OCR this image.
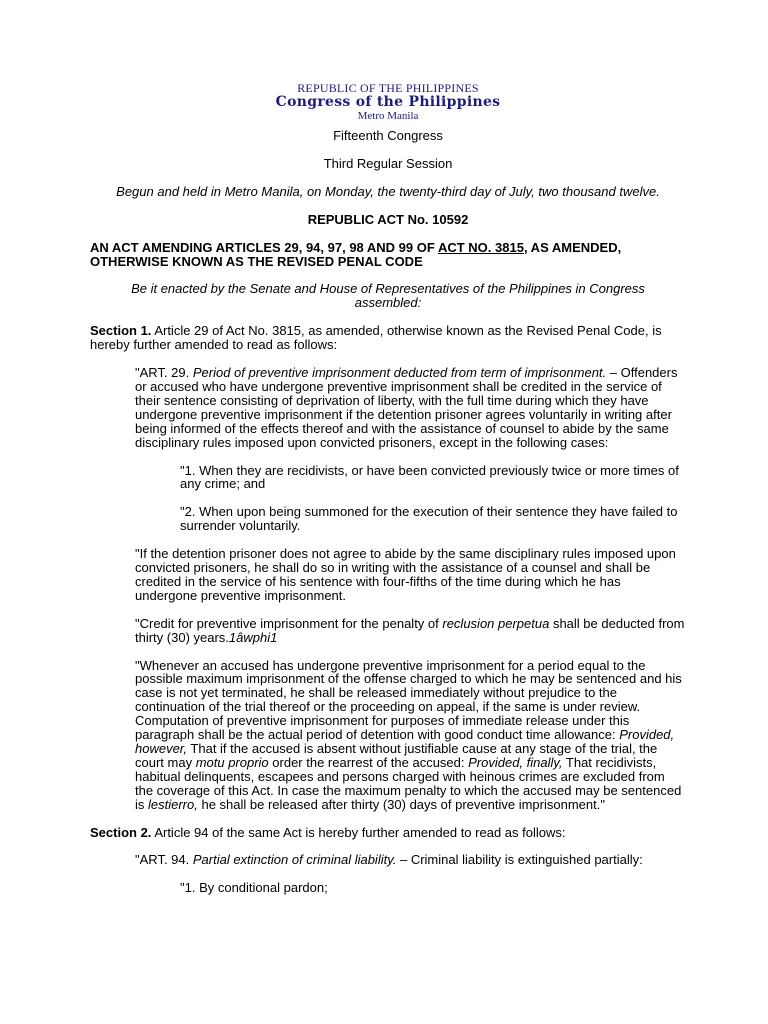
REPUBLIC OF THE PHILIPPINES
Congress of the Philippines
Metro Manila

Fifteenth Congress

Third Regular Session

Begun and held in Metro Manila, on Monday, the twenty-third day of July, two thousand twelve.

REPUBLIC ACT No. 10592

AN ACT AMENDING ARTICLES 29, 94, 97, 98 AND 99 OF ACT NO. 3815, AS AMENDED, OTHERWISE KNOWN AS THE REVISED PENAL CODE

Be it enacted by the Senate and House of Representatives of the Philippines in Congress assembled:

Section 1. Article 29 of Act No. 3815, as amended, otherwise known as the Revised Penal Code, is hereby further amended to read as follows:

"ART. 29. Period of preventive imprisonment deducted from term of imprisonment. – Offenders or accused who have undergone preventive imprisonment shall be credited in the service of their sentence consisting of deprivation of liberty, with the full time during which they have undergone preventive imprisonment if the detention prisoner agrees voluntarily in writing after being informed of the effects thereof and with the assistance of counsel to abide by the same disciplinary rules imposed upon convicted prisoners, except in the following cases:

"1. When they are recidivists, or have been convicted previously twice or more times of any crime; and

"2. When upon being summoned for the execution of their sentence they have failed to surrender voluntarily.

"If the detention prisoner does not agree to abide by the same disciplinary rules imposed upon convicted prisoners, he shall do so in writing with the assistance of a counsel and shall be credited in the service of his sentence with four-fifths of the time during which he has undergone preventive imprisonment.

"Credit for preventive imprisonment for the penalty of reclusion perpetua shall be deducted from thirty (30) years.1âwphi1

"Whenever an accused has undergone preventive imprisonment for a period equal to the possible maximum imprisonment of the offense charged to which he may be sentenced and his case is not yet terminated, he shall be released immediately without prejudice to the continuation of the trial thereof or the proceeding on appeal, if the same is under review. Computation of preventive imprisonment for purposes of immediate release under this paragraph shall be the actual period of detention with good conduct time allowance: Provided, however, That if the accused is absent without justifiable cause at any stage of the trial, the court may motu proprio order the rearrest of the accused: Provided, finally, That recidivists, habitual delinquents, escapees and persons charged with heinous crimes are excluded from the coverage of this Act. In case the maximum penalty to which the accused may be sentenced is lestierro, he shall be released after thirty (30) days of preventive imprisonment."

Section 2. Article 94 of the same Act is hereby further amended to read as follows:

"ART. 94. Partial extinction of criminal liability. – Criminal liability is extinguished partially:

"1. By conditional pardon;
